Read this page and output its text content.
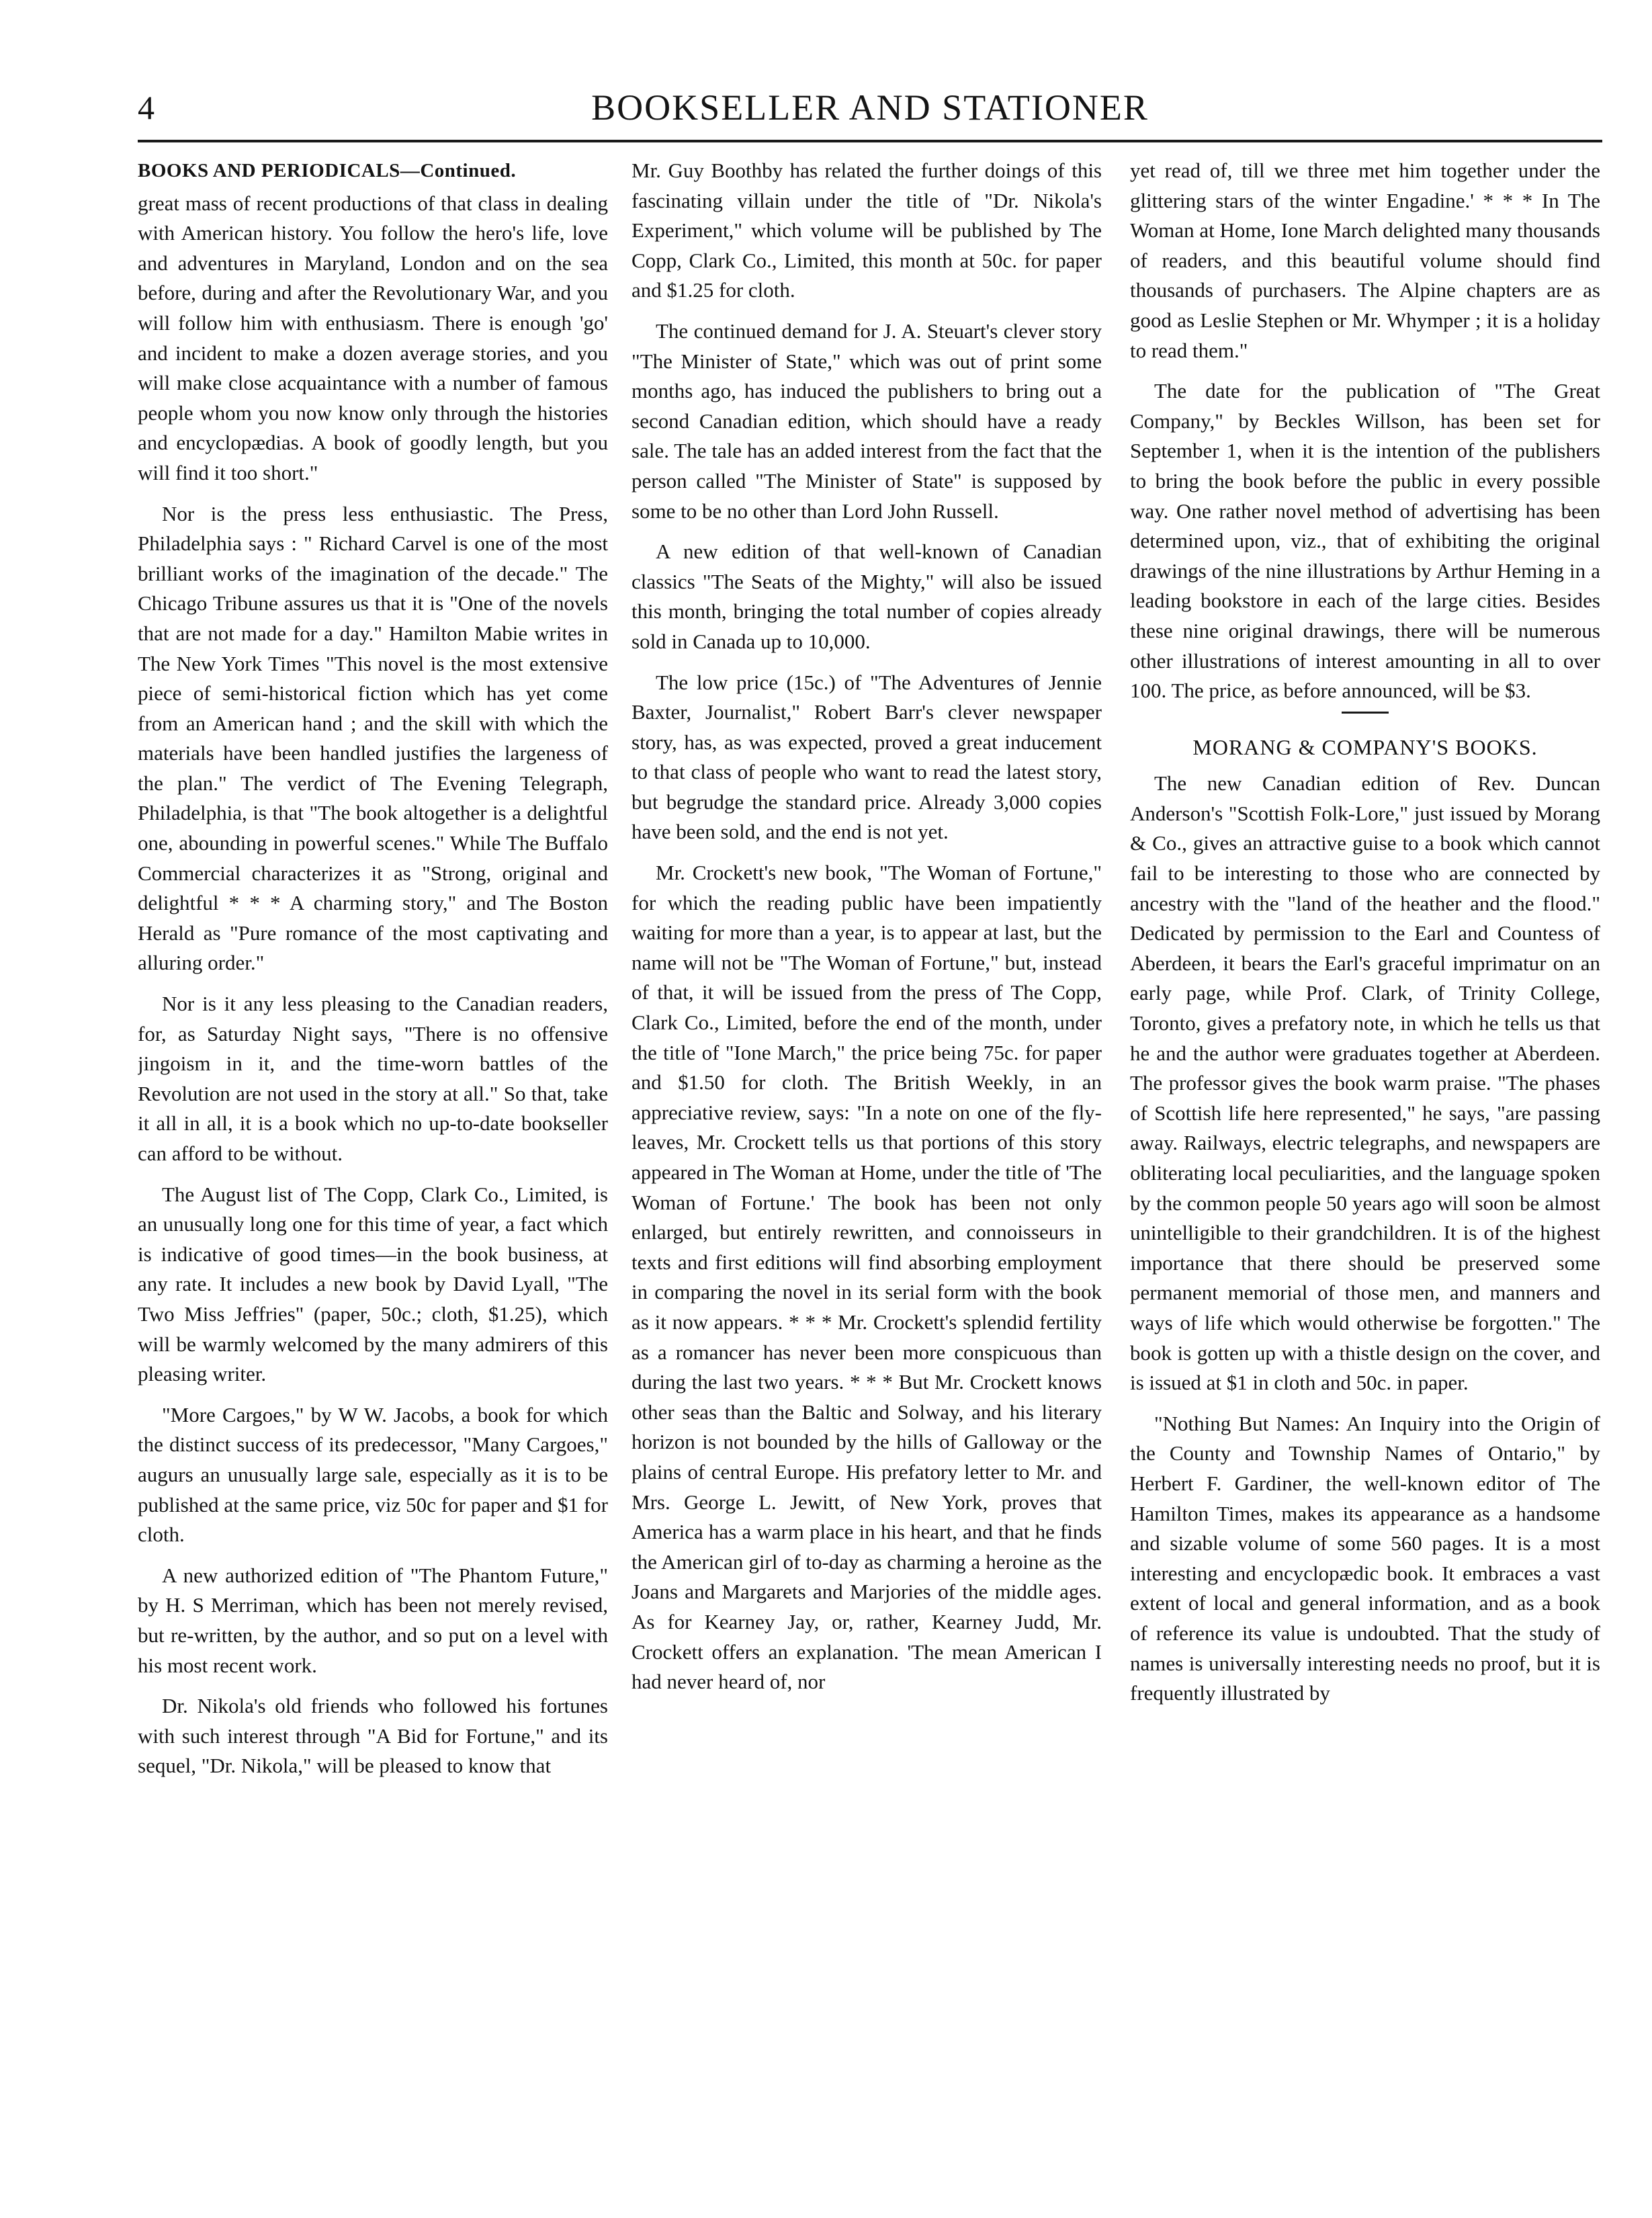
4	BOOKSELLER AND STATIONER
BOOKS AND PERIODICALS—Continued.

great mass of recent productions of that class in dealing with American history. You follow the hero's life, love and adventures in Maryland, London and on the sea before, during and after the Revolutionary War, and you will follow him with enthusiasm. There is enough 'go' and incident to make a dozen average stories, and you will make close acquaintance with a number of famous people whom you now know only through the histories and encyclopædias. A book of goodly length, but you will find it too short."

Nor is the press less enthusiastic. The Press, Philadelphia says : " Richard Carvel is one of the most brilliant works of the imagination of the decade." The Chicago Tribune assures us that it is "One of the novels that are not made for a day." Hamilton Mabie writes in The New York Times "This novel is the most extensive piece of semi-historical fiction which has yet come from an American hand ; and the skill with which the materials have been handled justifies the largeness of the plan." The verdict of The Evening Telegraph, Philadelphia, is that "The book altogether is a delightful one, abounding in powerful scenes." While The Buffalo Commercial characterizes it as "Strong, original and delightful * * * A charming story," and The Boston Herald as "Pure romance of the most captivating and alluring order."

Nor is it any less pleasing to the Canadian readers, for, as Saturday Night says, "There is no offensive jingoism in it, and the time-worn battles of the Revolution are not used in the story at all." So that, take it all in all, it is a book which no up-to-date bookseller can afford to be without.

The August list of The Copp, Clark Co., Limited, is an unusually long one for this time of year, a fact which is indicative of good times—in the book business, at any rate. It includes a new book by David Lyall, "The Two Miss Jeffries" (paper, 50c.; cloth, $1.25), which will be warmly welcomed by the many admirers of this pleasing writer.

"More Cargoes," by W W. Jacobs, a book for which the distinct success of its predecessor, "Many Cargoes," augurs an unusually large sale, especially as it is to be published at the same price, viz 50c for paper and $1 for cloth.

A new authorized edition of "The Phantom Future," by H. S Merriman, which has been not merely revised, but re-written, by the author, and so put on a level with his most recent work.

Dr. Nikola's old friends who followed his fortunes with such interest through "A Bid for Fortune," and its sequel, "Dr. Nikola," will be pleased to know that

Mr. Guy Boothby has related the further doings of this fascinating villain under the title of "Dr. Nikola's Experiment," which volume will be published by The Copp, Clark Co., Limited, this month at 50c. for paper and $1.25 for cloth.

The continued demand for J. A. Steuart's clever story "The Minister of State," which was out of print some months ago, has induced the publishers to bring out a second Canadian edition, which should have a ready sale. The tale has an added interest from the fact that the person called "The Minister of State" is supposed by some to be no other than Lord John Russell.

A new edition of that well-known of Canadian classics "The Seats of the Mighty," will also be issued this month, bringing the total number of copies already sold in Canada up to 10,000.

The low price (15c.) of "The Adventures of Jennie Baxter, Journalist," Robert Barr's clever newspaper story, has, as was expected, proved a great inducement to that class of people who want to read the latest story, but begrudge the standard price. Already 3,000 copies have been sold, and the end is not yet.

Mr. Crockett's new book, "The Woman of Fortune," for which the reading public have been impatiently waiting for more than a year, is to appear at last, but the name will not be "The Woman of Fortune," but, instead of that, it will be issued from the press of The Copp, Clark Co., Limited, before the end of the month, under the title of "Ione March," the price being 75c. for paper and $1.50 for cloth. The British Weekly, in an appreciative review, says: "In a note on one of the fly-leaves, Mr. Crockett tells us that portions of this story appeared in The Woman at Home, under the title of 'The Woman of Fortune.' The book has been not only enlarged, but entirely rewritten, and connoisseurs in texts and first editions will find absorbing employment in comparing the novel in its serial form with the book as it now appears. * * * Mr. Crockett's splendid fertility as a romancer has never been more conspicuous than during the last two years. * * * But Mr. Crockett knows other seas than the Baltic and Solway, and his literary horizon is not bounded by the hills of Galloway or the plains of central Europe. His prefatory letter to Mr. and Mrs. George L. Jewitt, of New York, proves that America has a warm place in his heart, and that he finds the American girl of to-day as charming a heroine as the Joans and Margarets and Marjories of the middle ages. As for Kearney Jay, or, rather, Kearney Judd, Mr. Crockett offers an explanation. 'The mean American I had never heard of, nor

yet read of, till we three met him together under the glittering stars of the winter Engadine.' * * * In The Woman at Home, Ione March delighted many thousands of readers, and this beautiful volume should find thousands of purchasers. The Alpine chapters are as good as Leslie Stephen or Mr. Whymper ; it is a holiday to read them."

The date for the publication of "The Great Company," by Beckles Willson, has been set for September 1, when it is the intention of the publishers to bring the book before the public in every possible way. One rather novel method of advertising has been determined upon, viz., that of exhibiting the original drawings of the nine illustrations by Arthur Heming in a leading bookstore in each of the large cities. Besides these nine original drawings, there will be numerous other illustrations of interest amounting in all to over 100. The price, as before announced, will be $3.

MORANG & COMPANY'S BOOKS.

The new Canadian edition of Rev. Duncan Anderson's "Scottish Folk-Lore," just issued by Morang & Co., gives an attractive guise to a book which cannot fail to be interesting to those who are connected by ancestry with the "land of the heather and the flood." Dedicated by permission to the Earl and Countess of Aberdeen, it bears the Earl's graceful imprimatur on an early page, while Prof. Clark, of Trinity College, Toronto, gives a prefatory note, in which he tells us that he and the author were graduates together at Aberdeen. The professor gives the book warm praise. "The phases of Scottish life here represented," he says, "are passing away. Railways, electric telegraphs, and newspapers are obliterating local peculiarities, and the language spoken by the common people 50 years ago will soon be almost unintelligible to their grandchildren. It is of the highest importance that there should be preserved some permanent memorial of those men, and manners and ways of life which would otherwise be forgotten." The book is gotten up with a thistle design on the cover, and is issued at $1 in cloth and 50c. in paper.

"Nothing But Names: An Inquiry into the Origin of the County and Township Names of Ontario," by Herbert F. Gardiner, the well-known editor of The Hamilton Times, makes its appearance as a handsome and sizable volume of some 560 pages. It is a most interesting and encyclopædic book. It embraces a vast extent of local and general information, and as a book of reference its value is undoubted. That the study of names is universally interesting needs no proof, but it is frequently illustrated by
